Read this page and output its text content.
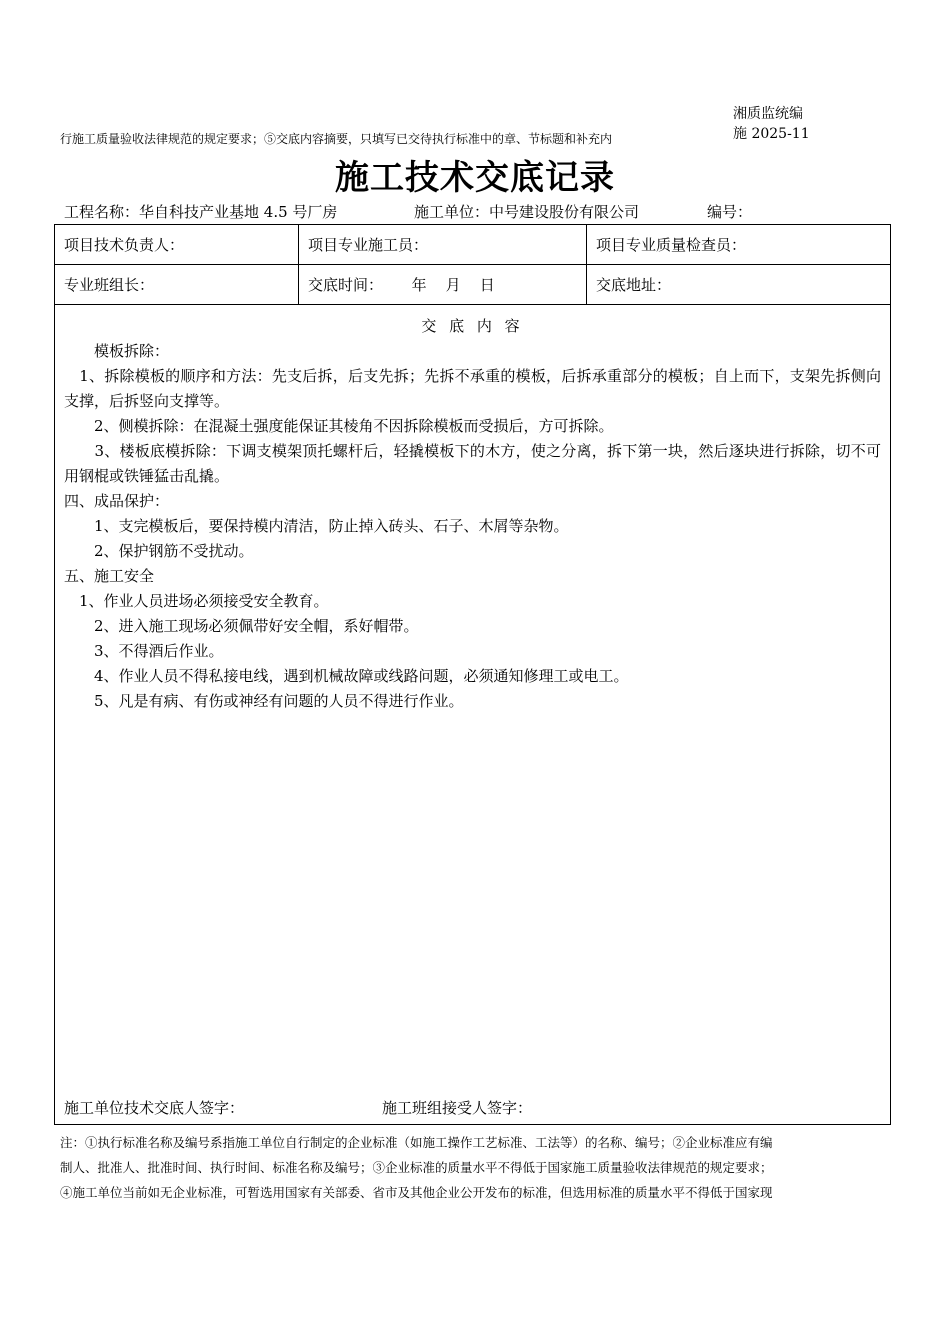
湘质监统编
施 2025-11
行施工质量验收法律规范的规定要求；⑤交底内容摘要，只填写已交待执行标准中的章、节标题和补充内
施工技术交底记录
工程名称：华自科技产业基地 4.5 号厂房	施工单位：中号建设股份有限公司	编号：
项目技术负责人：	项目专业施工员：	项目专业质量检查员：
专业班组长：	交底时间：      年    月    日	交底地址：
交 底 内 容
　　模板拆除：
　1、拆除模板的顺序和方法：先支后拆，后支先拆；先拆不承重的模板，后拆承重部分的模板；自上而下，支架先拆侧向支撑，后拆竖向支撑等。
　　2、侧模拆除：在混凝土强度能保证其棱角不因拆除模板而受损后，方可拆除。
　　3、楼板底模拆除：下调支模架顶托螺杆后，轻撬模板下的木方，使之分离，拆下第一块，然后逐块进行拆除，切不可用钢棍或铁锤猛击乱撬。
四、成品保护：
　　1、支完模板后，要保持模内清洁，防止掉入砖头、石子、木屑等杂物。
　　2、保护钢筋不受扰动。
五、施工安全
　1、作业人员进场必须接受安全教育。
　　2、进入施工现场必须佩带好安全帽，系好帽带。
　　3、不得酒后作业。
　　4、作业人员不得私接电线，遇到机械故障或线路问题，必须通知修理工或电工。
　　5、凡是有病、有伤或神经有问题的人员不得进行作业。
施工单位技术交底人签字：	施工班组接受人签字：
注：①执行标准名称及编号系指施工单位自行制定的企业标准（如施工操作工艺标准、工法等）的名称、编号；②企业标准应有编
制人、批准人、批准时间、执行时间、标准名称及编号；③企业标准的质量水平不得低于国家施工质量验收法律规范的规定要求；
④施工单位当前如无企业标准，可暂选用国家有关部委、省市及其他企业公开发布的标准，但选用标准的质量水平不得低于国家现
